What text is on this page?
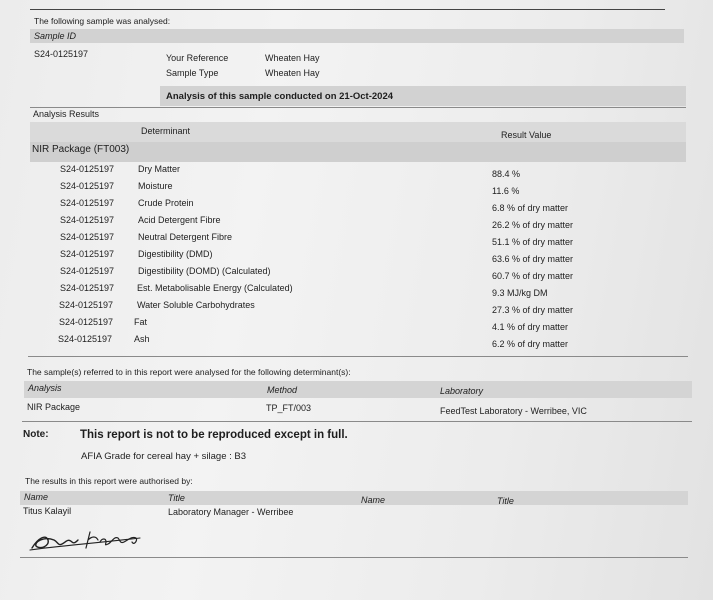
The following sample was analysed:
Sample ID
S24-0125197	Your Reference	Wheaten Hay
Sample Type	Wheaten Hay
Analysis of this sample conducted on 21-Oct-2024
Analysis Results
Determinant	Result Value
NIR Package (FT003)
S24-0125197	Dry Matter	88.4 %
S24-0125197	Moisture	11.6 %
S24-0125197	Crude Protein	6.8 % of dry matter
S24-0125197	Acid Detergent Fibre	26.2 % of dry matter
S24-0125197	Neutral Detergent Fibre	51.1 % of dry matter
S24-0125197	Digestibility (DMD)	63.6 % of dry matter
S24-0125197	Digestibility (DOMD) (Calculated)	60.7 % of dry matter
S24-0125197	Est. Metabolisable Energy (Calculated)	9.3 MJ/kg DM
S24-0125197	Water Soluble Carbohydrates	27.3 % of dry matter
S24-0125197 Fat	4.1 % of dry matter
S24-0125197 Ash	6.2 % of dry matter
The sample(s) referred to in this report were analysed for the following determinant(s):
Analysis	Method	Laboratory
NIR Package	TP_FT/003	FeedTest Laboratory - Werribee, VIC
Note:	This report is not to be reproduced except in full.
AFIA Grade for cereal hay + silage : B3
The results in this report were authorised by:
Name	Title	Name	Title
Titus Kalayil	Laboratory Manager - Werribee
